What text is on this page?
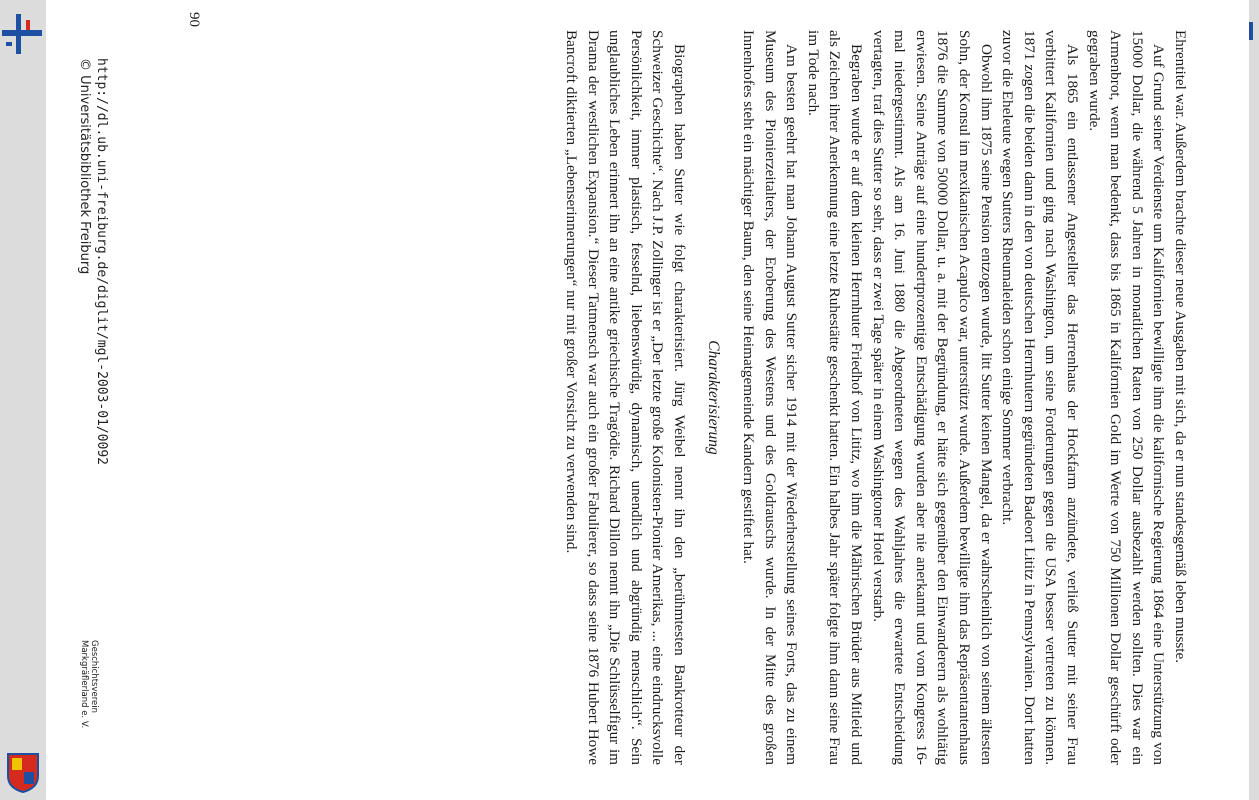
Ehrentitel war. Außerdem brachte dieser neue Ausgaben mit sich, da er nun standesgemäß leben musste.

Auf Grund seiner Verdienste um Kalifornien bewilligte ihm die kalifornische Regierung 1864 eine Unterstützung von 15000 Dollar, die während 5 Jahren in monatlichen Raten von 250 Dollar ausbezahlt werden sollten. Dies war ein Armenbrot, wenn man bedenkt, dass bis 1865 in Kalifornien Gold im Werte von 750 Millionen Dollar geschürft oder gegraben wurde.

Als 1865 ein entlassener Angestellter das Herrenhaus der Hockfarm anzündete, verließ Sutter mit seiner Frau verbittert Kalifornien und ging nach Washington, um seine Forderungen gegen die USA besser vertreten zu können. 1871 zogen die beiden dann in den von deutschen Herrnhutern gegründeten Badeort Lititz in Pennsylvanien. Dort hatten zuvor die Eheleute wegen Sutters Rheumaleiden schon einige Sommer verbracht.

Obwohl ihm 1875 seine Pension entzogen wurde, litt Sutter keinen Mangel, da er wahrscheinlich von seinem ältesten Sohn, der Konsul im mexikanischen Acapulco war, unterstützt wurde. Außerdem bewilligte ihm das Repräsentantenhaus 1876 die Summe von 50000 Dollar, u. a. mit der Begründung, er hätte sich gegenüber den Einwanderern als wohltätig erwiesen. Seine Anträge auf eine hundertprozentige Entschädigung wurden aber nie anerkannt und vom Kongress 16-mal niedergestimmt. Als am 16. Juni 1880 die Abgeordneten wegen des Wahljahres die erwartete Entscheidung vertagten, traf dies Sutter so sehr, dass er zwei Tage später in einem Washingtoner Hotel verstarb.

Begraben wurde er auf dem kleinen Herrnhuter Friedhof von Lititz, wo ihm die Mährischen Brüder aus Mitleid und als Zeichen ihrer Anerkennung eine letzte Ruhestätte geschenkt hatten. Ein halbes Jahr später folgte ihm dann seine Frau im Tode nach.

Am besten geehrt hat man Johann August Sutter sicher 1914 mit der Wiederherstellung seines Forts, das zu einem Museum des Pionierzeitalters, der Eroberung des Westens und des Goldrauschs wurde. In der Mitte des großen Innenhofes steht ein mächtiger Baum, den seine Heimatgemeinde Kandern gestiftet hat.

Charakterisierung

Biographen haben Sutter wie folgt charakterisiert. Jürg Weibel nennt ihn den „berühmtesten Bankrotteur der Schweizer Geschichte“. Nach J.P. Zollinger ist er „Der letzte große Kolonisten-Pionier Amerikas, ... eine eindrucksvolle Persönlichkeit, immer plastisch, fesselnd, liebenswürdig, dynamisch, unendlich und abgründig menschlich“. Sein unglaubliches Leben erinnert ihn an eine antike griechische Tragödie. Richard Dillon nennt ihn „Die Schlüsselfigur im Drama der westlichen Expansion.“ Dieser Tatmensch war auch ein großer Fabulierer, so dass seine 1876 Hubert Howe Bancroft diktierten „Lebenserinnerungen“ nur mit großer Vorsicht zu verwenden sind.

90
http://dl.ub.uni-freiburg.de/diglit/mgl-2003-01/0092
© Universitätsbibliothek Freiburg
Geschichtsverein
Markgräflerland e. V.
